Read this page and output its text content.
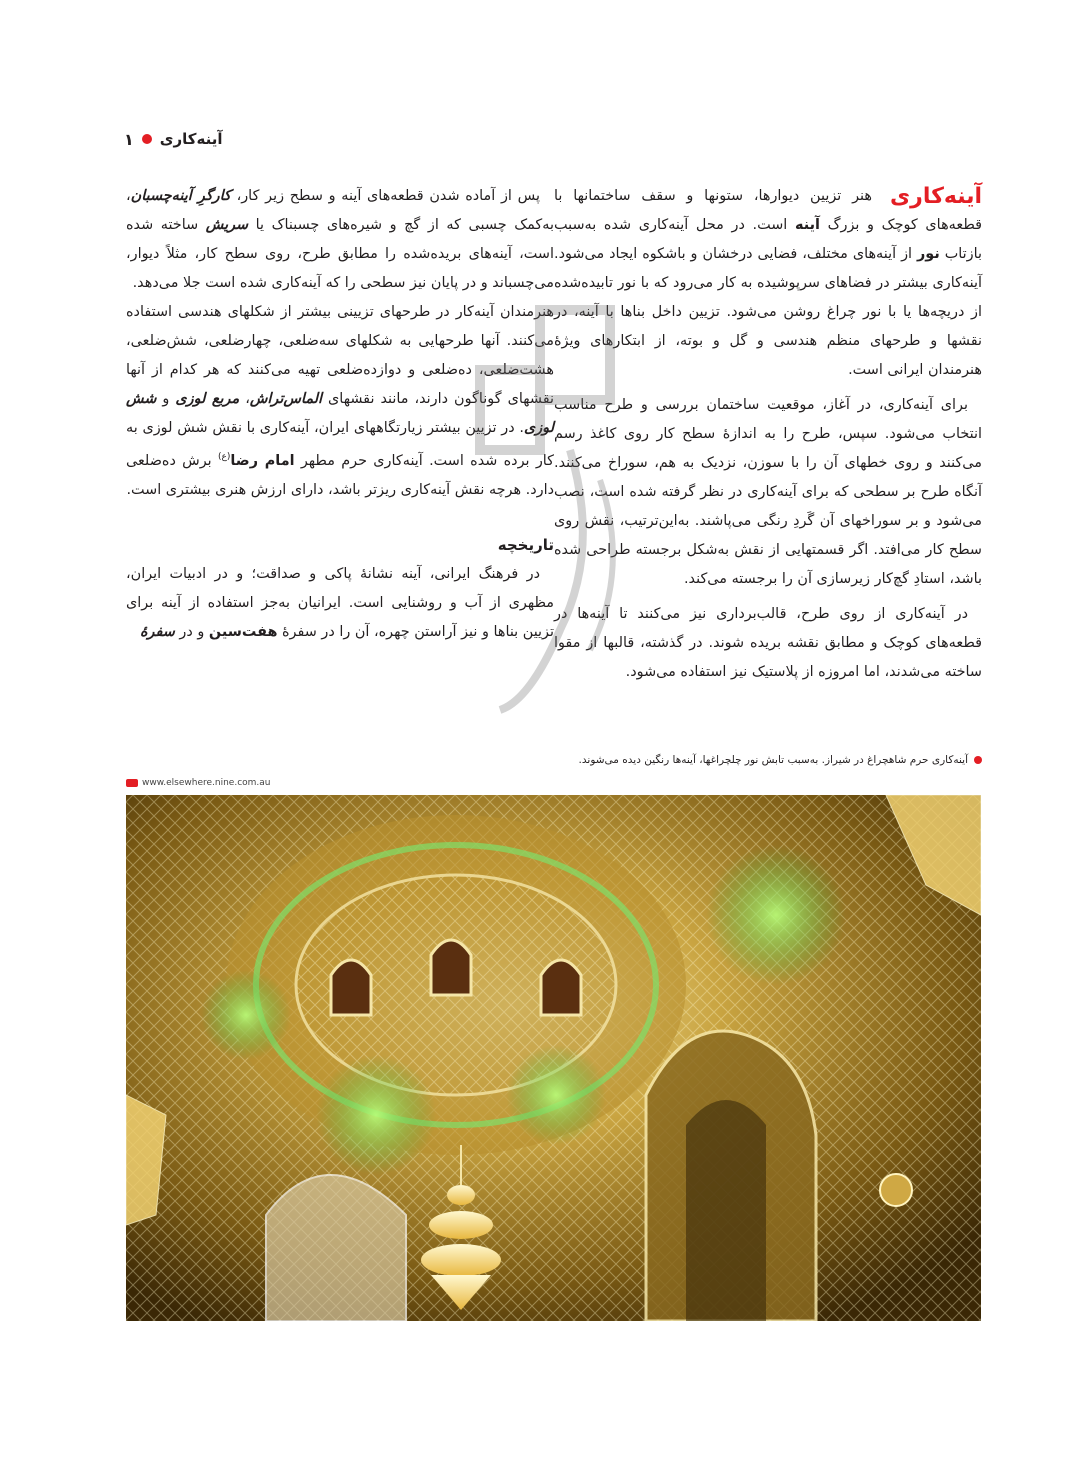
۱ آینه‌کاری

آینه‌کاری
هنر تزیین دیوارها، ستونها و سقف ساختمانها با قطعه‌های کوچک و بزرگ آینه است. در محل آینه‌کاری شده به‌سبب بازتاب نور از آینه‌های مختلف، فضایی درخشان و باشکوه ایجاد می‌شود. آینه‌کاری بیشتر در فضاهای سرپوشیده به کار می‌رود که با نور تابیده‌شده از دریچه‌ها یا با نور چراغ روشن می‌شود. تزیین داخل بناها با آینه، در نقشها و طرحهای منظم هندسی و گل و بوته، از ابتکارهای ویژهٔ هنرمندان ایرانی است.

برای آینه‌کاری، در آغاز، موقعیت ساختمان بررسی و طرح مناسب انتخاب می‌شود. سپس، طرح را به اندازهٔ سطح کار روی کاغذ رسم می‌کنند و روی خطهای آن را با سوزن، نزدیک به هم، سوراخ می‌کنند. آنگاه طرح بر سطحی که برای آینه‌کاری در نظر گرفته شده است، نصب می‌شود و بر سوراخهای آن گَردِ رنگی می‌پاشند. به‌این‌ترتیب، نقش روی سطح کار می‌افتد. اگر قسمتهایی از نقش به‌شکل برجسته طراحی شده باشد، استادِ گچ‌کار زیرسازی آن را برجسته می‌کند.

در آینه‌کاری از روی طرح، قالب‌برداری نیز می‌کنند تا آینه‌ها در قطعه‌های کوچک و مطابق نقشه بریده شوند. در گذشته، قالبها از مقوا ساخته می‌شدند، اما امروزه از پلاستیک نیز استفاده می‌شود.

پس از آماده شدن قطعه‌های آینه و سطح زیر کار، کارگرِ آینه‌چسبان، به‌کمک چسبی که از گچ و شیره‌های چسبناک یا سریش ساخته شده است، آینه‌های بریده‌شده را مطابق طرح، روی سطح کار، مثلاً دیوار، می‌چسباند و در پایان نیز سطحی را که آینه‌کاری شده است جلا می‌دهد.

هنرمندان آینه‌کار در طرحهای تزیینی بیشتر از شکلهای هندسی استفاده می‌کنند. آنها طرحهایی به شکلهای سه‌ضلعی، چهارضلعی، شش‌ضلعی، هشت‌ضلعی، ده‌ضلعی و دوازده‌ضلعی تهیه می‌کنند که هر کدام از آنها نقشهای گوناگون دارند، مانند نقشهای الماس‌تراش، مربع لوزی و شش لوزی. در تزیین بیشتر زیارتگاههای ایران، آینه‌کاری با نقش شش لوزی به کار برده شده است. آینه‌کاری حرم مطهر امام رضا$^{(ع)}$ برش ده‌ضلعی دارد. هرچه نقش آینه‌کاری ریزتر باشد، دارای ارزش هنری بیشتری است.

تاریخچه

در فرهنگ ایرانی، آینه نشانهٔ پاکی و صداقت؛ و در ادبیات ایران، مظهری از آب و روشنایی است. ایرانیان به‌جز استفاده از آینه برای تزیین بناها و نیز آراستن چهره، آن را در سفرهٔ هفت‌سین و در سفرهٔ

آینه‌کاری حرم شاهچراغ در شیراز. به‌سبب تابش نور چلچراغها، آینه‌ها رنگین دیده می‌شوند.
www.elsewhere.nine.com.au
